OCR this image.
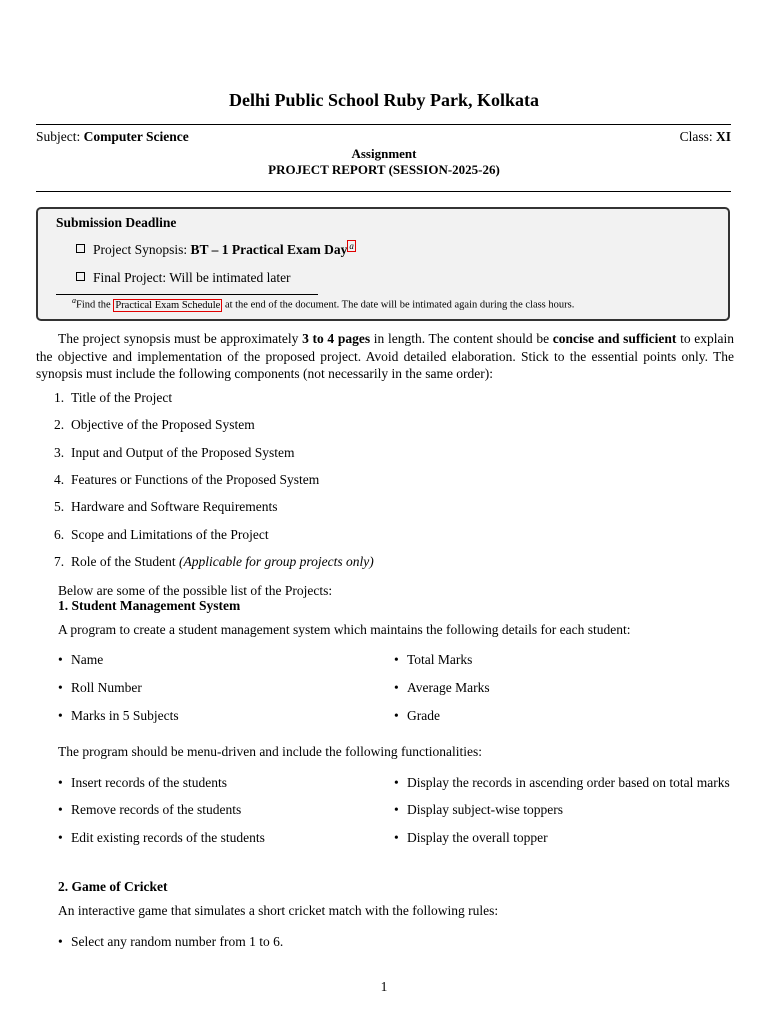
Delhi Public School Ruby Park, Kolkata
Subject: Computer Science	Class: XI
Assignment
PROJECT REPORT (SESSION-2025-26)
Submission Deadline
Project Synopsis: BT – 1 Practical Exam Day $^a$
Final Project: Will be intimated later
$^a$Find the Practical Exam Schedule at the end of the document. The date will be intimated again during the class hours.
The project synopsis must be approximately 3 to 4 pages in length. The content should be concise and sufficient to explain the objective and implementation of the proposed project. Avoid detailed elaboration. Stick to the essential points only. The synopsis must include the following components (not necessarily in the same order):
1. Title of the Project
2. Objective of the Proposed System
3. Input and Output of the Proposed System
4. Features or Functions of the Proposed System
5. Hardware and Software Requirements
6. Scope and Limitations of the Project
7. Role of the Student (Applicable for group projects only)
Below are some of the possible list of the Projects:
1. Student Management System
A program to create a student management system which maintains the following details for each student:
• Name
• Roll Number
• Marks in 5 Subjects
• Total Marks
• Average Marks
• Grade
The program should be menu-driven and include the following functionalities:
• Insert records of the students
• Remove records of the students
• Edit existing records of the students
• Display the records in ascending order based on total marks
• Display subject-wise toppers
• Display the overall topper
2. Game of Cricket
An interactive game that simulates a short cricket match with the following rules:
• Select any random number from 1 to 6.
1
